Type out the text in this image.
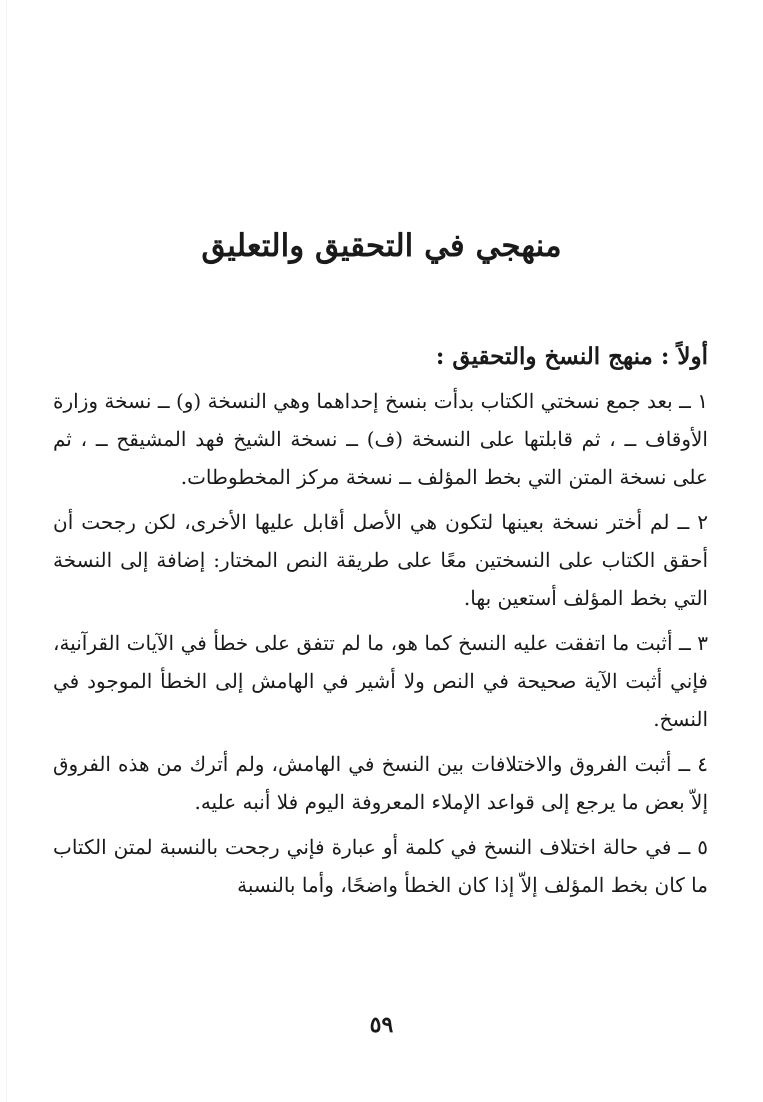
منهجي في التحقيق والتعليق
أولاً : منهج النسخ والتحقيق :

١ ــ بعد جمع نسختي الكتاب بدأت بنسخ إحداهما وهي النسخة (و) ــ نسخة وزارة الأوقاف ــ ، ثم قابلتها على النسخة (ف) ــ نسخة الشيخ فهد المشيقح ــ ، ثم على نسخة المتن التي بخط المؤلف ــ نسخة مركز المخطوطات.

٢ ــ لم أختر نسخة بعينها لتكون هي الأصل أقابل عليها الأخرى، لكن رجحت أن أحقق الكتاب على النسختين معًا على طريقة النص المختار: إضافة إلى النسخة التي بخط المؤلف أستعين بها.

٣ ــ أثبت ما اتفقت عليه النسخ كما هو، ما لم تتفق على خطأ في الآيات القرآنية، فإني أثبت الآية صحيحة في النص ولا أشير في الهامش إلى الخطأ الموجود في النسخ.

٤ ــ أثبت الفروق والاختلافات بين النسخ في الهامش، ولم أترك من هذه الفروق إلاّ بعض ما يرجع إلى قواعد الإملاء المعروفة اليوم فلا أنبه عليه.

٥ ــ في حالة اختلاف النسخ في كلمة أو عبارة فإني رجحت بالنسبة لمتن الكتاب ما كان بخط المؤلف إلاّ إذا كان الخطأ واضحًا، وأما بالنسبة

٥٩
